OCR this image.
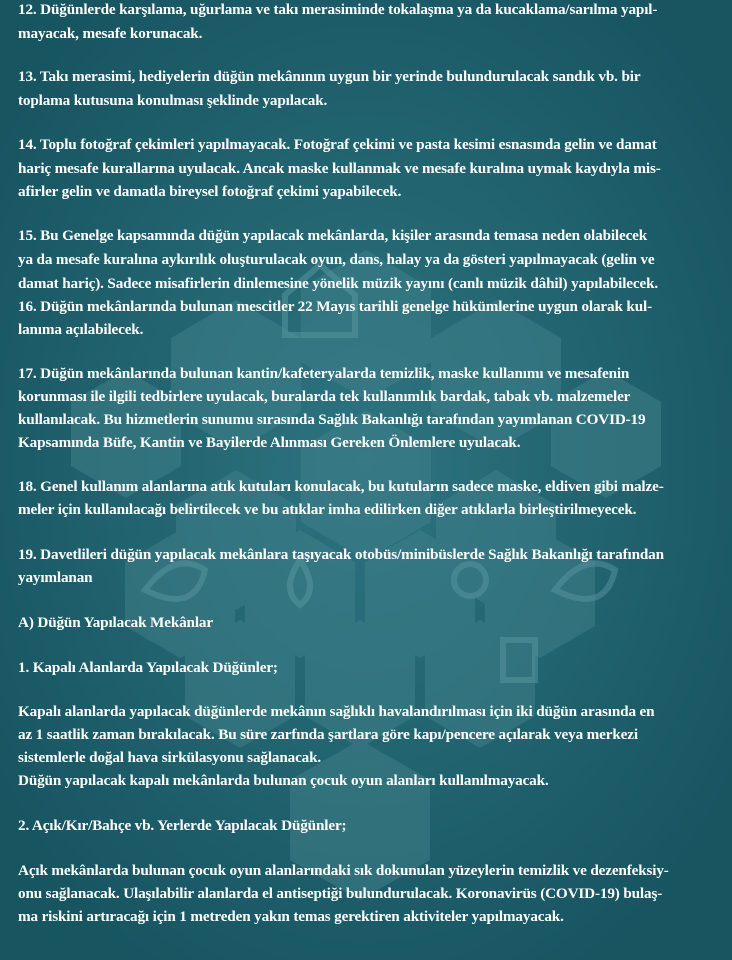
12. Düğünlerde karşılama, uğurlama ve takı merasiminde tokalaşma ya da kucaklama/sarılma yapıl-
mayacak, mesafe korunacak.
13. Takı merasimi, hediyelerin düğün mekânının uygun bir yerinde bulundurulacak sandık vb. bir
toplama kutusuna konulması şeklinde yapılacak.
14. Toplu fotoğraf çekimleri yapılmayacak. Fotoğraf çekimi ve pasta kesimi esnasında gelin ve damat
hariç mesafe kurallarına uyulacak. Ancak maske kullanmak ve mesafe kuralına uymak kaydıyla mis-
afirler gelin ve damatla bireysel fotoğraf çekimi yapabilecek.
15. Bu Genelge kapsamında düğün yapılacak mekânlarda, kişiler arasında temasa neden olabilecek
ya da mesafe kuralına aykırılık oluşturulacak oyun, dans, halay ya da gösteri yapılmayacak (gelin ve
damat hariç). Sadece misafirlerin dinlemesine yönelik müzik yayını (canlı müzik dâhil) yapılabilecek.
16. Düğün mekânlarında bulunan mescitler 22 Mayıs tarihli genelge hükümlerine uygun olarak kul-
lanıma açılabilecek.
17. Düğün mekânlarında bulunan kantin/kafeteryalarda temizlik, maske kullanımı ve mesafenin
korunması ile ilgili tedbirlere uyulacak, buralarda tek kullanımlık bardak, tabak vb. malzemeler
kullanılacak. Bu hizmetlerin sunumu sırasında Sağlık Bakanlığı tarafından yayımlanan COVID-19
Kapsamında Büfe, Kantin ve Bayilerde Alınması Gereken Önlemlere uyulacak.
18. Genel kullanım alanlarına atık kutuları konulacak, bu kutuların sadece maske, eldiven gibi malze-
meler için kullanılacağı belirtilecek ve bu atıklar imha edilirken diğer atıklarla birleştirilmeyecek.
19. Davetlileri düğün yapılacak mekânlara taşıyacak otobüs/minibüslerde Sağlık Bakanlığı tarafından
yayımlanan
A) Düğün Yapılacak Mekânlar
1. Kapalı Alanlarda Yapılacak Düğünler;
Kapalı alanlarda yapılacak düğünlerde mekânın sağlıklı havalandırılması için iki düğün arasında en
az 1 saatlik zaman bırakılacak. Bu süre zarfında şartlara göre kapı/pencere açılarak veya merkezi
sistemlerle doğal hava sirkülasyonu sağlanacak.
Düğün yapılacak kapalı mekânlarda bulunan çocuk oyun alanları kullanılmayacak.
2. Açık/Kır/Bahçe vb. Yerlerde Yapılacak Düğünler;
Açık mekânlarda bulunan çocuk oyun alanlarındaki sık dokunulan yüzeylerin temizlik ve dezenfeksiy-
onu sağlanacak. Ulaşılabilir alanlarda el antiseptiği bulundurulacak. Koronavirüs (COVID-19) bulaş-
ma riskini artıracağı için 1 metreden yakın temas gerektiren aktiviteler yapılmayacak.
